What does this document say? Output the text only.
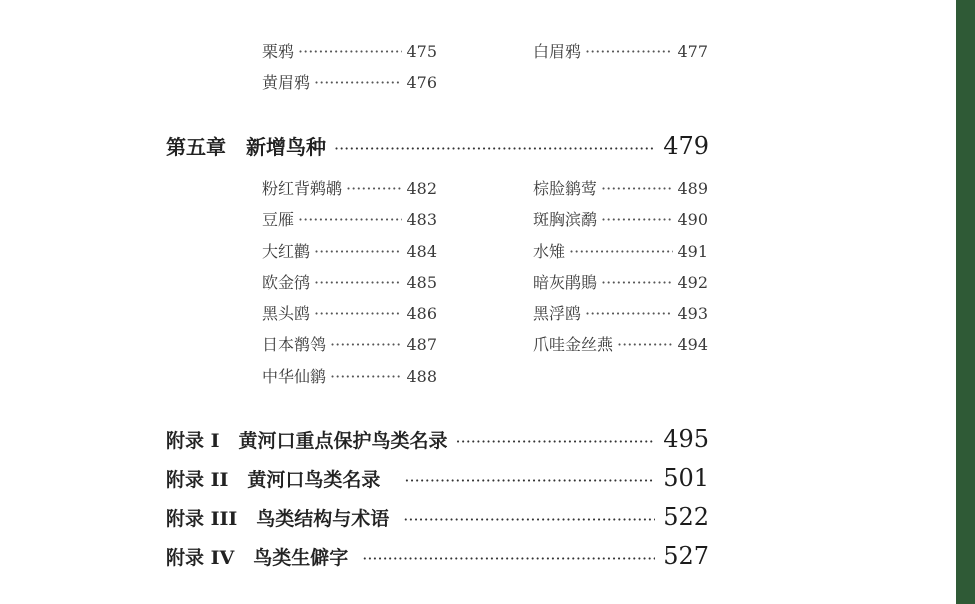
栗鸦 ·····	475
黄眉鸦 ·····	476
白眉鸦 ·····	477
第五章　新增鸟种 ·····	479
粉红背鹈鹕 ·····	482
豆雁 ·····	483
大红鹳 ·····	484
欧金鸻 ·····	485
黑头鸥 ·····	486
日本鹡鸰 ·····	487
中华仙鹟 ·····	488
棕脸鹟莺 ·····	489
斑胸滨鹬 ·····	490
水雉 ·····	491
暗灰鹃鵙 ·····	492
黑浮鸥 ·····	493
爪哇金丝燕 ·····	494
附录 I　黄河口重点保护鸟类名录 ·····	495
附录 II　黄河口鸟类名录 ·····	501
附录 III　鸟类结构与术语 ·····	522
附录 IV　鸟类生僻字 ·····	527
